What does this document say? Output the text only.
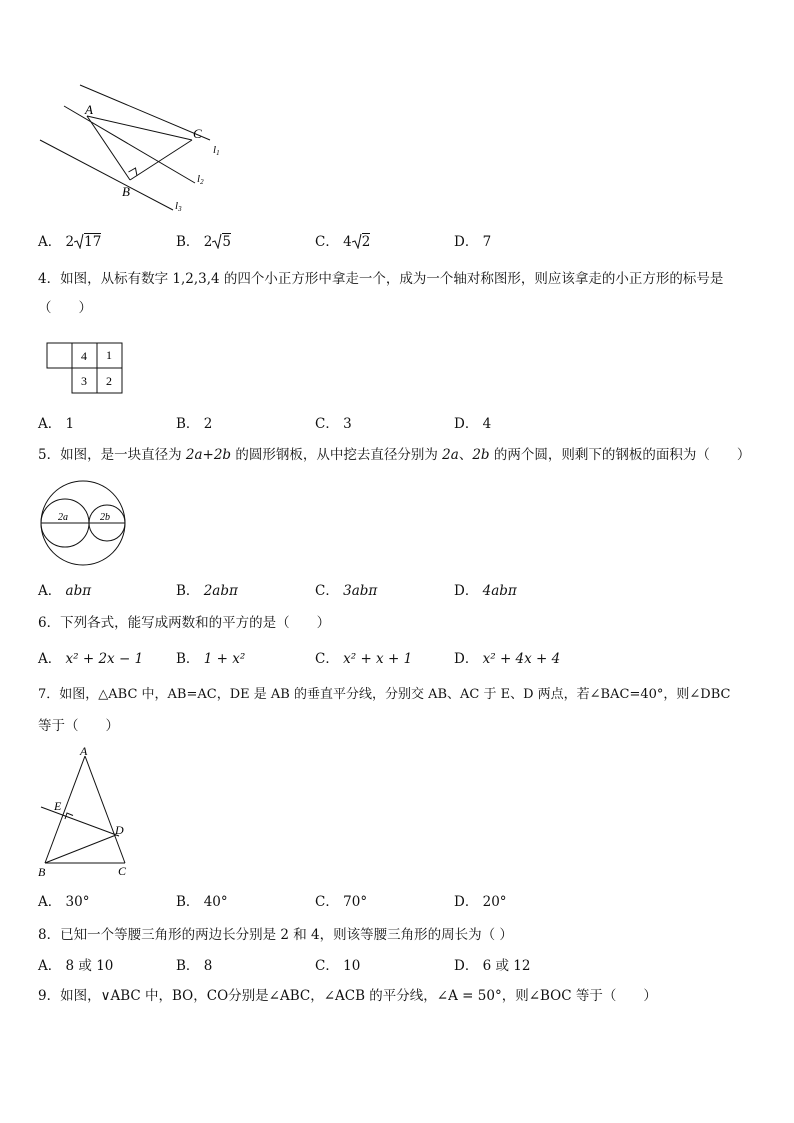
A
B
C
l1
l2
l3
A． 2 17	B． 2 5	C． 4 2	D． 7
4．如图，从标有数字 1,2,3,4 的四个小正方形中拿走一个，成为一个轴对称图形，则应该拿走的小正方形的标号是
（　　）
4 1
3 2
A． 1	B． 2	C． 3	D． 4
5．如图，是一块直径为 2a+2b 的圆形钢板，从中挖去直径分别为 2a、2b 的两个圆，则剩下的钢板的面积为（　　）
2a	2b
A． abπ	B． 2abπ	C． 3abπ	D． 4abπ
6．下列各式，能写成两数和的平方的是（　　）
A． x² + 2x − 1 B． 1 + x²	C． x² + x + 1	D． x² + 4x + 4
7．如图，△ABC 中，AB=AC，DE 是 AB 的垂直平分线，分别交 AB、AC 于 E、D 两点，若∠BAC=40°，则∠DBC
等于（　　）
A
B	C
D
E
A． 30°	B． 40°	C． 70°	D． 20°
8．已知一个等腰三角形的两边长分别是 2 和 4，则该等腰三角形的周长为（ ）
A． 8 或 10	B． 8	C． 10	D． 6 或 12
9．如图，∨ABC 中，BO，CO分别是∠ABC，∠ACB 的平分线，∠A = 50°，则∠BOC 等于（　　）
